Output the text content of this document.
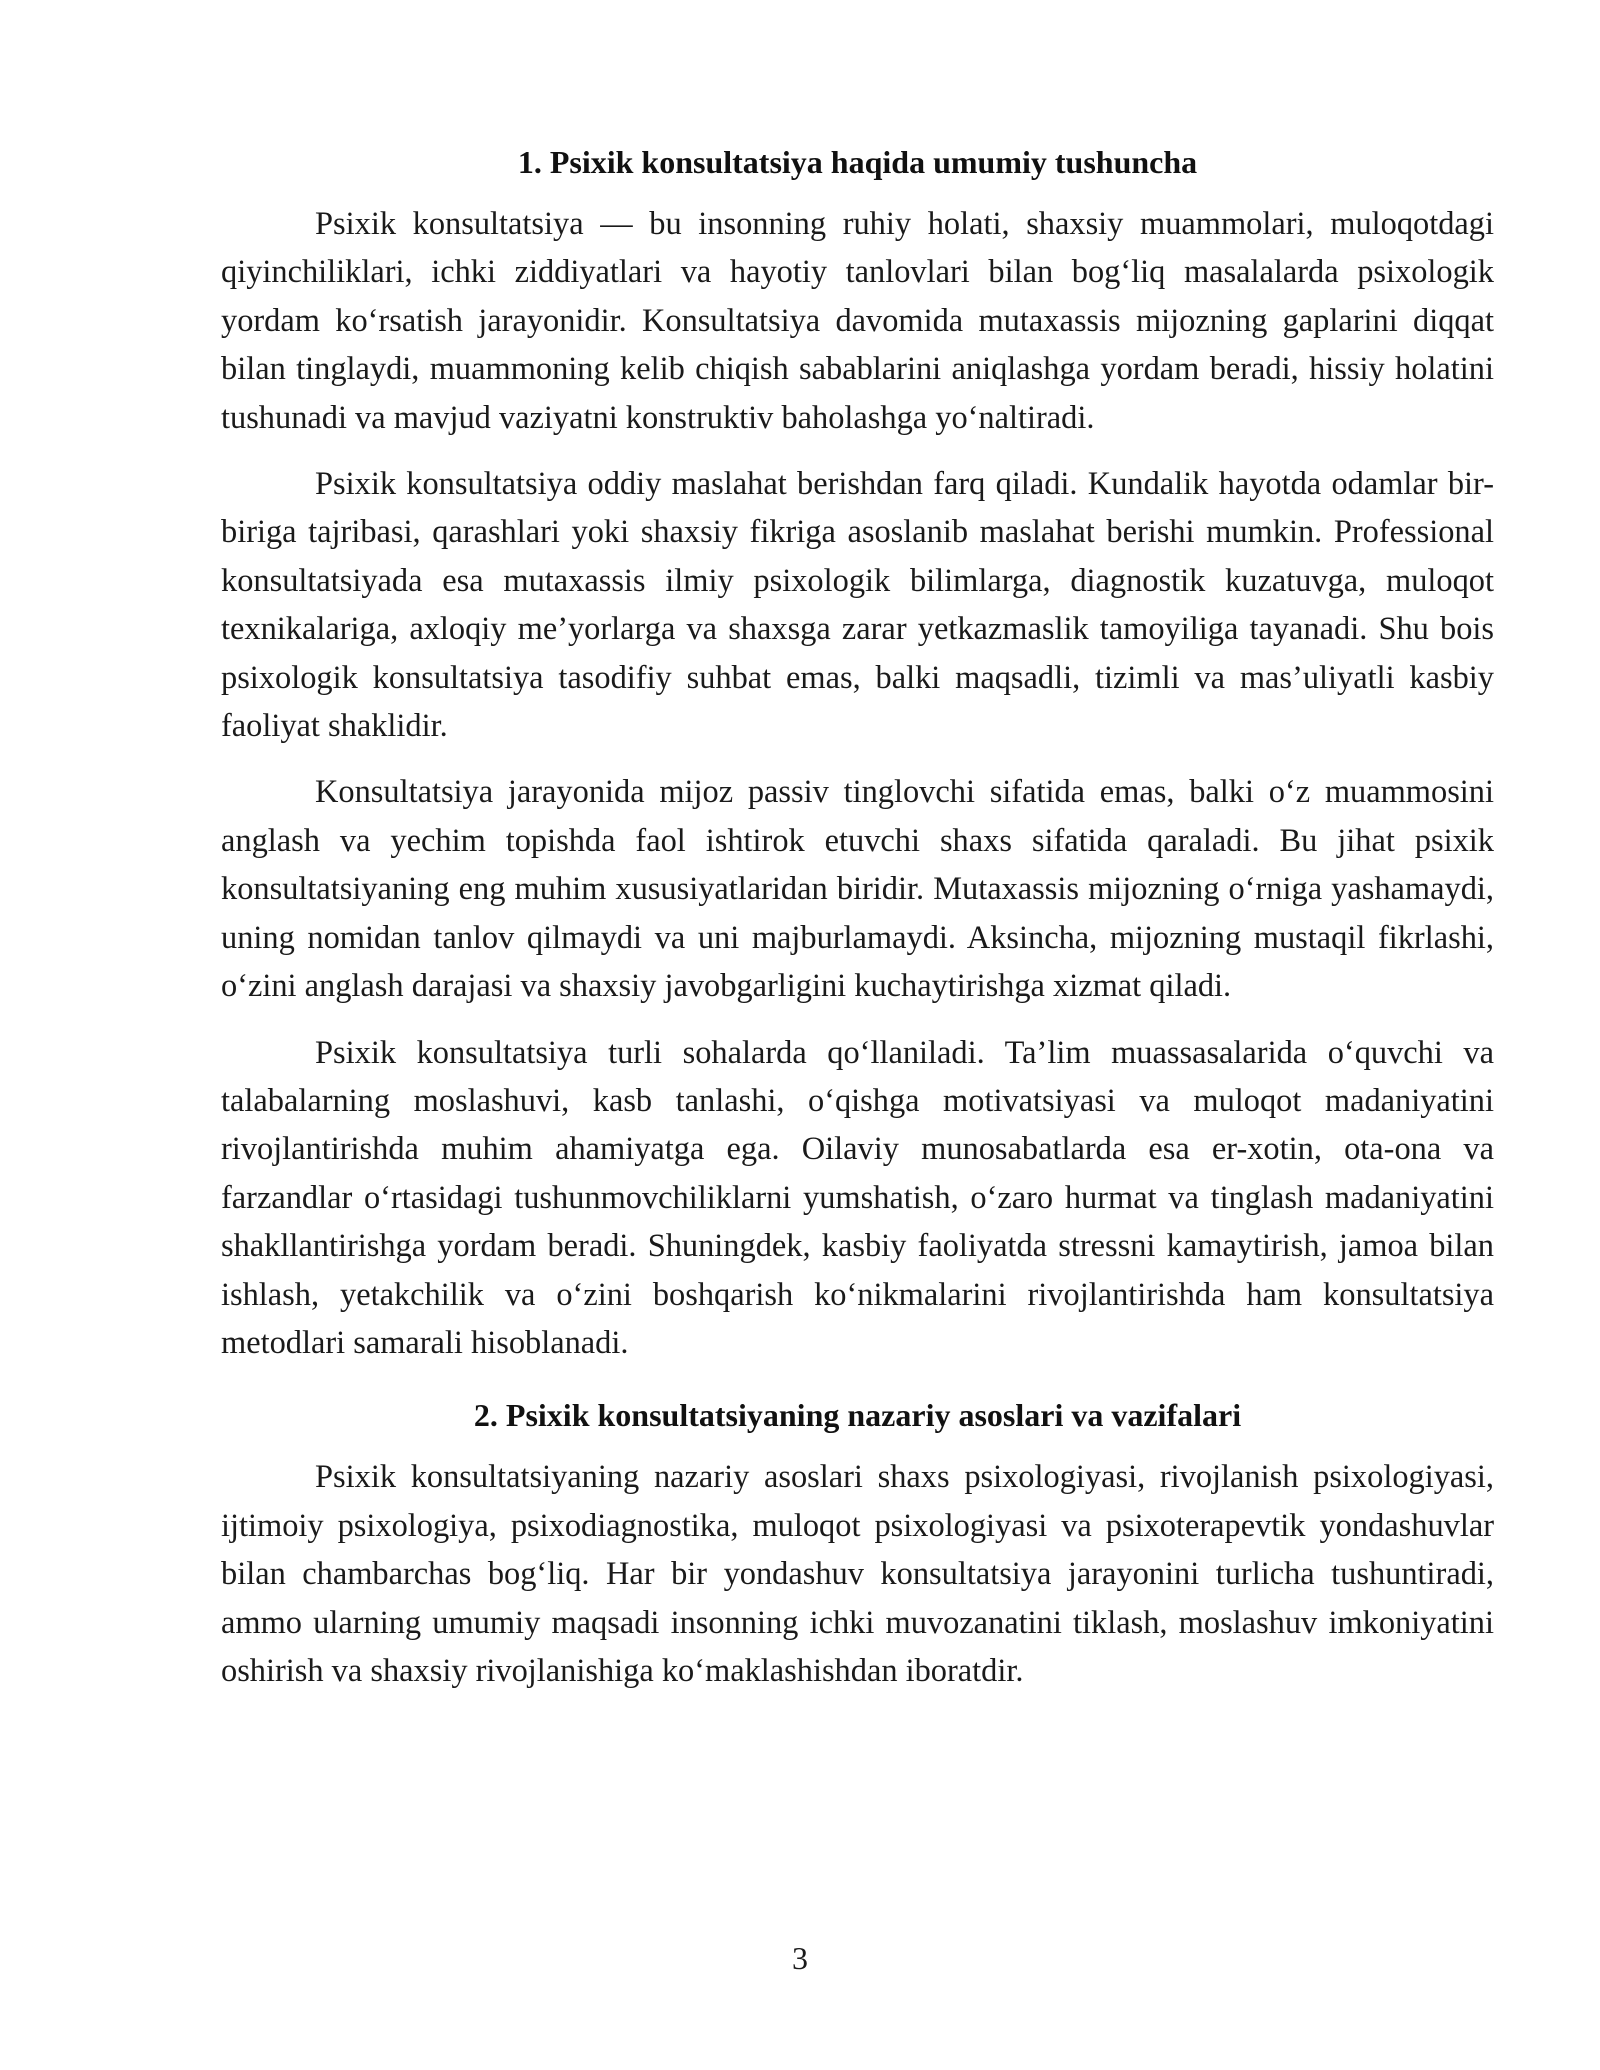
1. Psixik konsultatsiya haqida umumiy tushuncha

Psixik konsultatsiya — bu insonning ruhiy holati, shaxsiy muammolari, muloqotdagi qiyinchiliklari, ichki ziddiyatlari va hayotiy tanlovlari bilan bog‘liq masalalarda psixologik yordam ko‘rsatish jarayonidir. Konsultatsiya davomida mutaxassis mijozning gaplarini diqqat bilan tinglaydi, muammoning kelib chiqish sabablarini aniqlashga yordam beradi, hissiy holatini tushunadi va mavjud vaziyatni konstruktiv baholashga yo‘naltiradi.

Psixik konsultatsiya oddiy maslahat berishdan farq qiladi. Kundalik hayotda odamlar bir-biriga tajribasi, qarashlari yoki shaxsiy fikriga asoslanib maslahat berishi mumkin. Professional konsultatsiyada esa mutaxassis ilmiy psixologik bilimlarga, diagnostik kuzatuvga, muloqot texnikalariga, axloqiy me’yorlarga va shaxsga zarar yetkazmaslik tamoyiliga tayanadi. Shu bois psixologik konsultatsiya tasodifiy suhbat emas, balki maqsadli, tizimli va mas’uliyatli kasbiy faoliyat shaklidir.

Konsultatsiya jarayonida mijoz passiv tinglovchi sifatida emas, balki o‘z muammosini anglash va yechim topishda faol ishtirok etuvchi shaxs sifatida qaraladi. Bu jihat psixik konsultatsiyaning eng muhim xususiyatlaridan biridir. Mutaxassis mijozning o‘rniga yashamaydi, uning nomidan tanlov qilmaydi va uni majburlamaydi. Aksincha, mijozning mustaqil fikrlashi, o‘zini anglash darajasi va shaxsiy javobgarligini kuchaytirishga xizmat qiladi.

Psixik konsultatsiya turli sohalarda qo‘llaniladi. Ta’lim muassasalarida o‘quvchi va talabalarning moslashuvi, kasb tanlashi, o‘qishga motivatsiyasi va muloqot madaniyatini rivojlantirishda muhim ahamiyatga ega. Oilaviy munosabatlarda esa er-xotin, ota-ona va farzandlar o‘rtasidagi tushunmovchiliklarni yumshatish, o‘zaro hurmat va tinglash madaniyatini shakllantirishga yordam beradi. Shuningdek, kasbiy faoliyatda stressni kamaytirish, jamoa bilan ishlash, yetakchilik va o‘zini boshqarish ko‘nikmalarini rivojlantirishda ham konsultatsiya metodlari samarali hisoblanadi.

2. Psixik konsultatsiyaning nazariy asoslari va vazifalari

Psixik konsultatsiyaning nazariy asoslari shaxs psixologiyasi, rivojlanish psixologiyasi, ijtimoiy psixologiya, psixodiagnostika, muloqot psixologiyasi va psixoterapevtik yondashuvlar bilan chambarchas bog‘liq. Har bir yondashuv konsultatsiya jarayonini turlicha tushuntiradi, ammo ularning umumiy maqsadi insonning ichki muvozanatini tiklash, moslashuv imkoniyatini oshirish va shaxsiy rivojlanishiga ko‘maklashishdan iboratdir.

3
